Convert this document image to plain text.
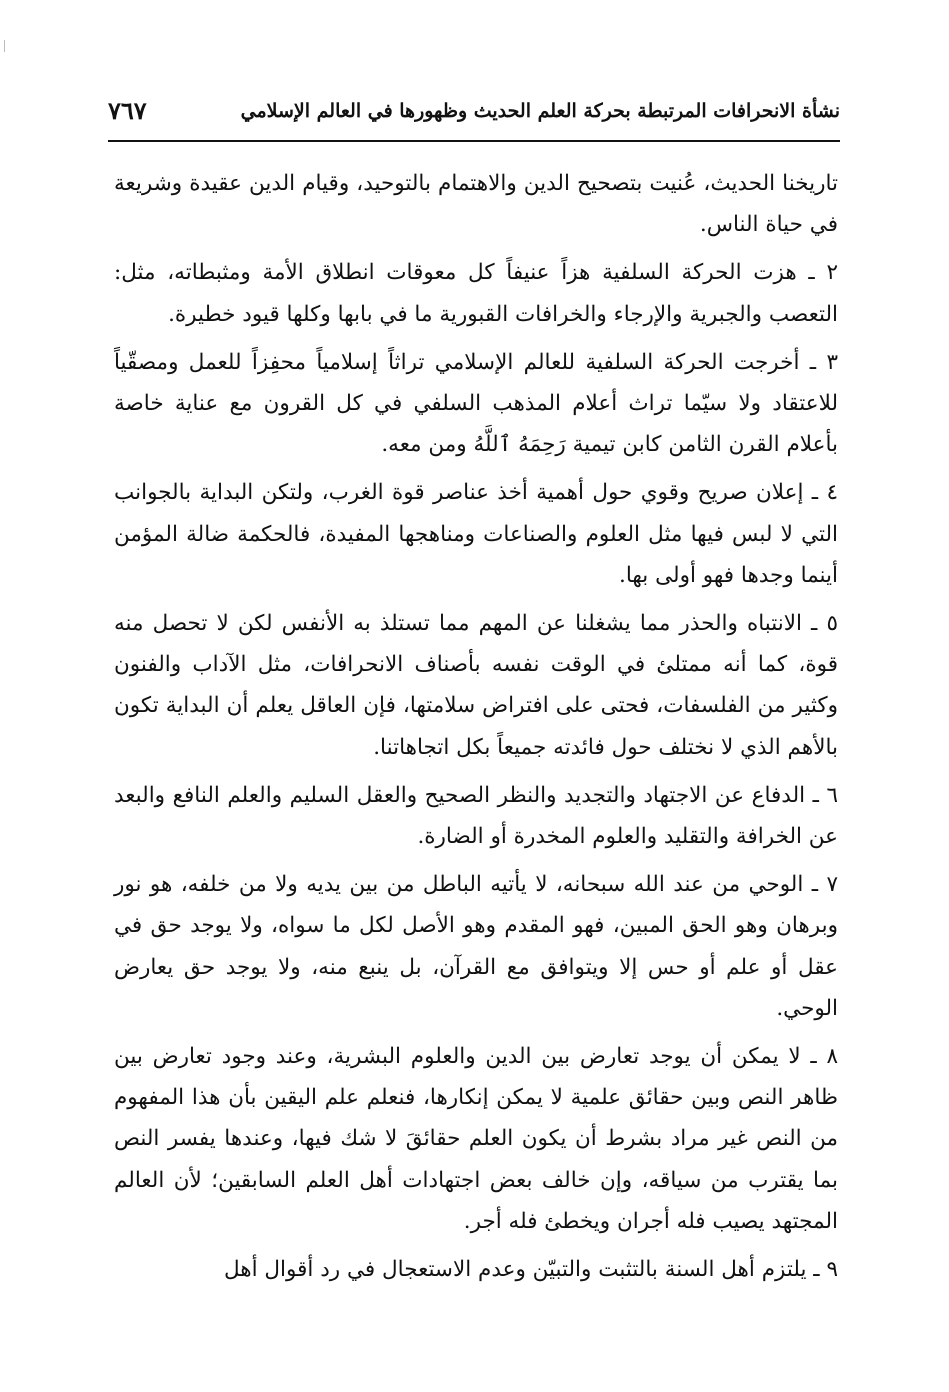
نشأة الانحرافات المرتبطة بحركة العلم الحديث وظهورها في العالم الإسلامي
٧٦٧

تاريخنا الحديث، عُنيت بتصحيح الدين والاهتمام بالتوحيد، وقيام الدين عقيدة وشريعة في حياة الناس.

٢ ـ هزت الحركة السلفية هزاً عنيفاً كل معوقات انطلاق الأمة ومثبطاته، مثل: التعصب والجبرية والإرجاء والخرافات القبورية ما في بابها وكلها قيود خطيرة.

٣ ـ أخرجت الحركة السلفية للعالم الإسلامي تراثاً إسلامياً محفِزاً للعمل ومصقّياً للاعتقاد ولا سيّما تراث أعلام المذهب السلفي في كل القرون مع عناية خاصة بأعلام القرن الثامن كابن تيمية رَحِمَهُ ٱللَّهُ ومن معه.

٤ ـ إعلان صريح وقوي حول أهمية أخذ عناصر قوة الغرب، ولتكن البداية بالجوانب التي لا لبس فيها مثل العلوم والصناعات ومناهجها المفيدة، فالحكمة ضالة المؤمن أينما وجدها فهو أولى بها.

٥ ـ الانتباه والحذر مما يشغلنا عن المهم مما تستلذ به الأنفس لكن لا تحصل منه قوة، كما أنه ممتلئ في الوقت نفسه بأصناف الانحرافات، مثل الآداب والفنون وكثير من الفلسفات، فحتى على افتراض سلامتها، فإن العاقل يعلم أن البداية تكون بالأهم الذي لا نختلف حول فائدته جميعاً بكل اتجاهاتنا.

٦ ـ الدفاع عن الاجتهاد والتجديد والنظر الصحيح والعقل السليم والعلم النافع والبعد عن الخرافة والتقليد والعلوم المخدرة أو الضارة.

٧ ـ الوحي من عند الله سبحانه، لا يأتيه الباطل من بين يديه ولا من خلفه، هو نور وبرهان وهو الحق المبين، فهو المقدم وهو الأصل لكل ما سواه، ولا يوجد حق في عقل أو علم أو حس إلا ويتوافق مع القرآن، بل ينبع منه، ولا يوجد حق يعارض الوحي.

٨ ـ لا يمكن أن يوجد تعارض بين الدين والعلوم البشرية، وعند وجود تعارض بين ظاهر النص وبين حقائق علمية لا يمكن إنكارها، فنعلم علم اليقين بأن هذا المفهوم من النص غير مراد بشرط أن يكون العلم حقائقَ لا شك فيها، وعندها يفسر النص بما يقترب من سياقه، وإن خالف بعض اجتهادات أهل العلم السابقين؛ لأن العالم المجتهد يصيب فله أجران ويخطئ فله أجر.

٩ ـ يلتزم أهل السنة بالتثبت والتبيّن وعدم الاستعجال في رد أقوال أهل
